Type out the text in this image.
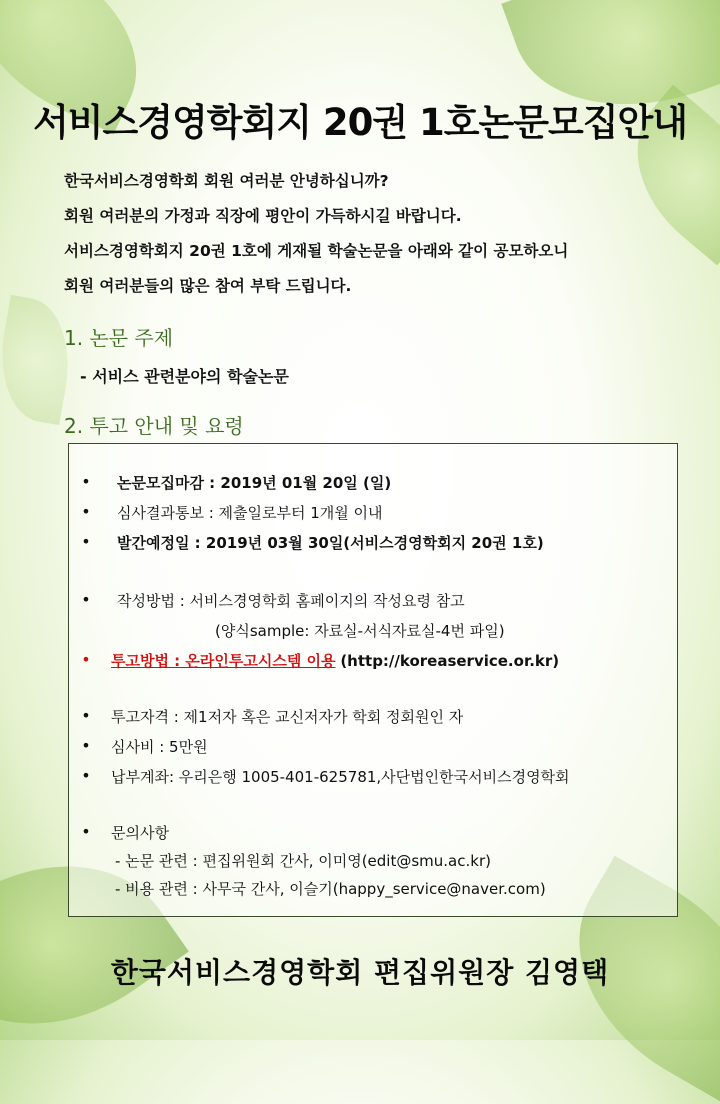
서비스경영학회지 20권 1호논문모집안내
한국서비스경영학회 회원 여러분 안녕하십니까?
회원 여러분의 가정과 직장에 평안이 가득하시길 바랍니다.
서비스경영학회지 20권 1호에 게재될 학술논문을 아래와 같이 공모하오니
회원 여러분들의 많은 참여 부탁 드립니다.
1. 논문 주제
- 서비스 관련분야의 학술논문
2. 투고 안내 및 요령
• 논문모집마감 : 2019년 01월 20일 (일)
• 심사결과통보 : 제출일로부터 1개월 이내
• 발간예정일 : 2019년 03월 30일(서비스경영학회지 20권 1호)
• 작성방법 : 서비스경영학회 홈페이지의 작성요령 참고
(양식sample: 자료실-서식자료실-4번 파일)
• 투고방법 : 온라인투고시스템 이용 (http://koreaservice.or.kr)
• 투고자격 : 제1저자 혹은 교신저자가 학회 정회원인 자
• 심사비 : 5만원
• 납부계좌: 우리은행 1005-401-625781,사단법인한국서비스경영학회
• 문의사항
- 논문 관련 : 편집위원회 간사, 이미영(edit@smu.ac.kr)
- 비용 관련 : 사무국 간사, 이슬기(happy_service@naver.com)
한국서비스경영학회 편집위원장 김영택
